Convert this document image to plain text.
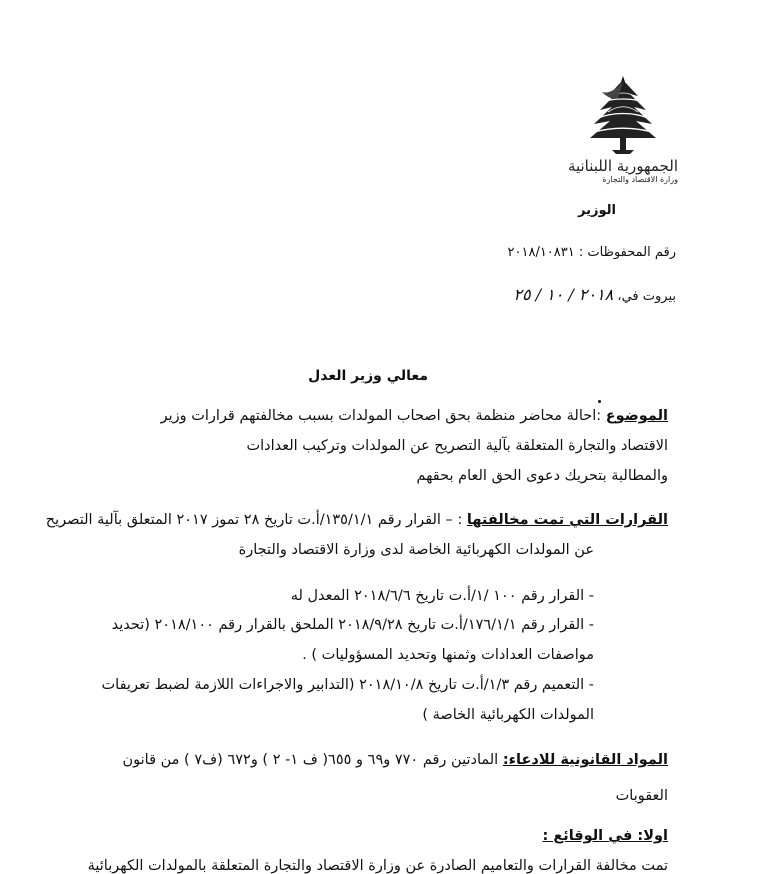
الجمهورية اللبنانية
وزارة الاقتصاد والتجارة
الوزير
رقم المحفوظات : ٢٠١٨/١٠٨٣١
بيروت في، ٢٠١٨ / ١٠ / ٢٥
معالي وزير العدل
الموضوع :احالة محاضر منظمة بحق اصحاب المولدات بسبب مخالفتهم قرارات وزير
الاقتصاد والتجارة المتعلقة بآلية التصريح عن المولدات وتركيب العدادات
والمطالبة بتحريك دعوى الحق العام بحقهم
القرارات التي تمت مخالفتها : – القرار رقم ١٣٥/١/١/أ.ت تاريخ ٢٨ تموز ٢٠١٧ المتعلق بآلية التصريح
عن المولدات الكهربائية الخاصة لدى وزارة الاقتصاد والتجارة
- القرار رقم ١٠٠ /١/أ.ت تاريخ ٢٠١٨/٦/٦ المعدل له
- القرار رقم ١٧٦/١/١/أ.ت تاريخ ٢٠١٨/٩/٢٨ الملحق بالقرار رقم ٢٠١٨/١٠٠ (تحديد
مواصفات العدادات وثمنها وتحديد المسؤوليات ) .
- التعميم رقم ١/٣/أ.ت تاريخ ٢٠١٨/١٠/٨ (التدابير والاجراءات اللازمة لضبط تعريفات
المولدات الكهربائية الخاصة )
المواد القانونية للادعاء: المادتين رقم ٧٧٠ و٦٩ و ٦٥٥( ف ١- ٢ ) و٦٧٢ (ف٧ ) من قانون
العقوبات
اولا: في الوقائع :
تمت مخالفة القرارات والتعاميم الصادرة عن وزارة الاقتصاد والتجارة المتعلقة بالمولدات الكهربائية
